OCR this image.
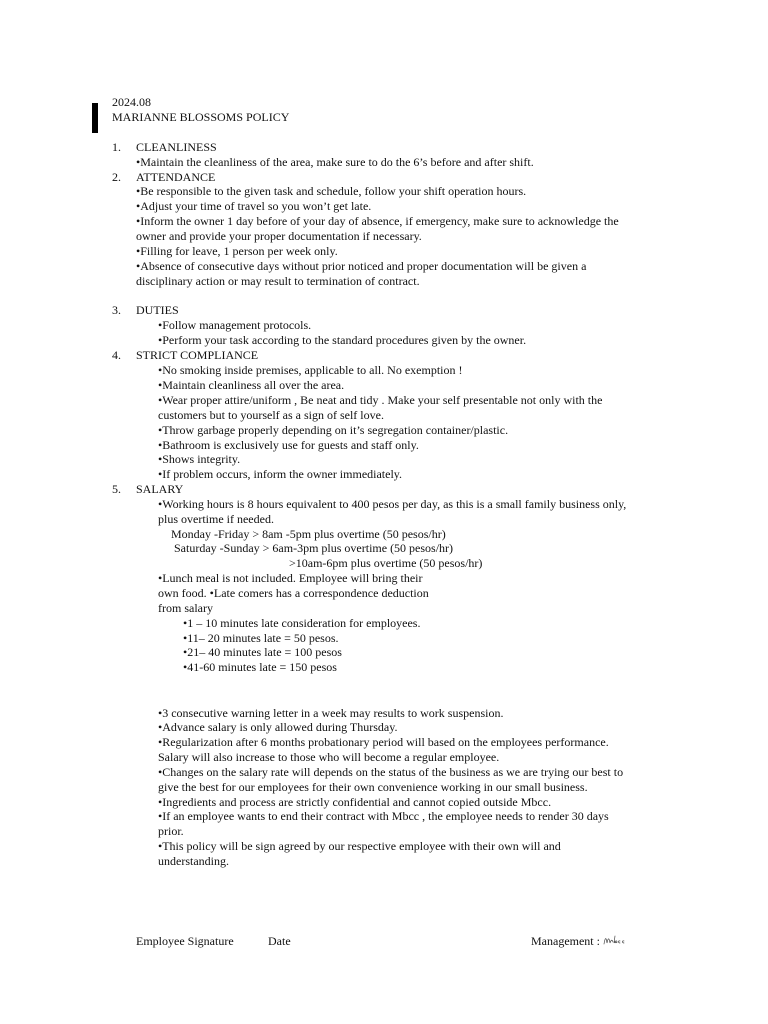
2024.08
MARIANNE BLOSSOMS POLICY
1. CLEANLINESS
•Maintain the cleanliness of the area, make sure to do the 6’s before and after shift.
2. ATTENDANCE
•Be responsible to the given task and schedule, follow your shift operation hours.
•Adjust your time of travel so you won’t get late.
•Inform the owner 1 day before of your day of absence, if emergency, make sure to acknowledge the
owner and provide your proper documentation if necessary.
•Filling for leave, 1 person per week only.
•Absence of consecutive days without prior noticed and proper documentation will be given a
disciplinary action or may result to termination of contract.
3. DUTIES
•Follow management protocols.
•Perform your task according to the standard procedures given by the owner.
4. STRICT COMPLIANCE
•No smoking inside premises, applicable to all. No exemption !
•Maintain cleanliness all over the area.
•Wear proper attire/uniform , Be neat and tidy . Make your self presentable not only with the
customers but to yourself as a sign of self love.
•Throw garbage properly depending on it’s segregation container/plastic.
•Bathroom is exclusively use for guests and staff only.
•Shows integrity.
•If problem occurs, inform the owner immediately.
5. SALARY
•Working hours is 8 hours equivalent to 400 pesos per day, as this is a small family business only,
plus overtime if needed.
Monday -Friday > 8am -5pm plus overtime (50 pesos/hr)
Saturday -Sunday > 6am-3pm plus overtime (50 pesos/hr)
>10am-6pm plus overtime (50 pesos/hr)
•Lunch meal is not included. Employee will bring their
own food. •Late comers has a correspondence deduction
from salary
•1 – 10 minutes late consideration for employees.
•11– 20 minutes late = 50 pesos.
•21– 40 minutes late = 100 pesos
•41-60 minutes late = 150 pesos
•3 consecutive warning letter in a week may results to work suspension.
•Advance salary is only allowed during Thursday.
•Regularization after 6 months probationary period will based on the employees performance.
Salary will also increase to those who will become a regular employee.
•Changes on the salary rate will depends on the status of the business as we are trying our best to
give the best for our employees for their own convenience working in our small business.
•Ingredients and process are strictly confidential and cannot copied outside Mbcc.
•If an employee wants to end their contract with Mbcc , the employee needs to render 30 days
prior.
•This policy will be sign agreed by our respective employee with their own will and
understanding.
Employee Signature	Date	Management :
